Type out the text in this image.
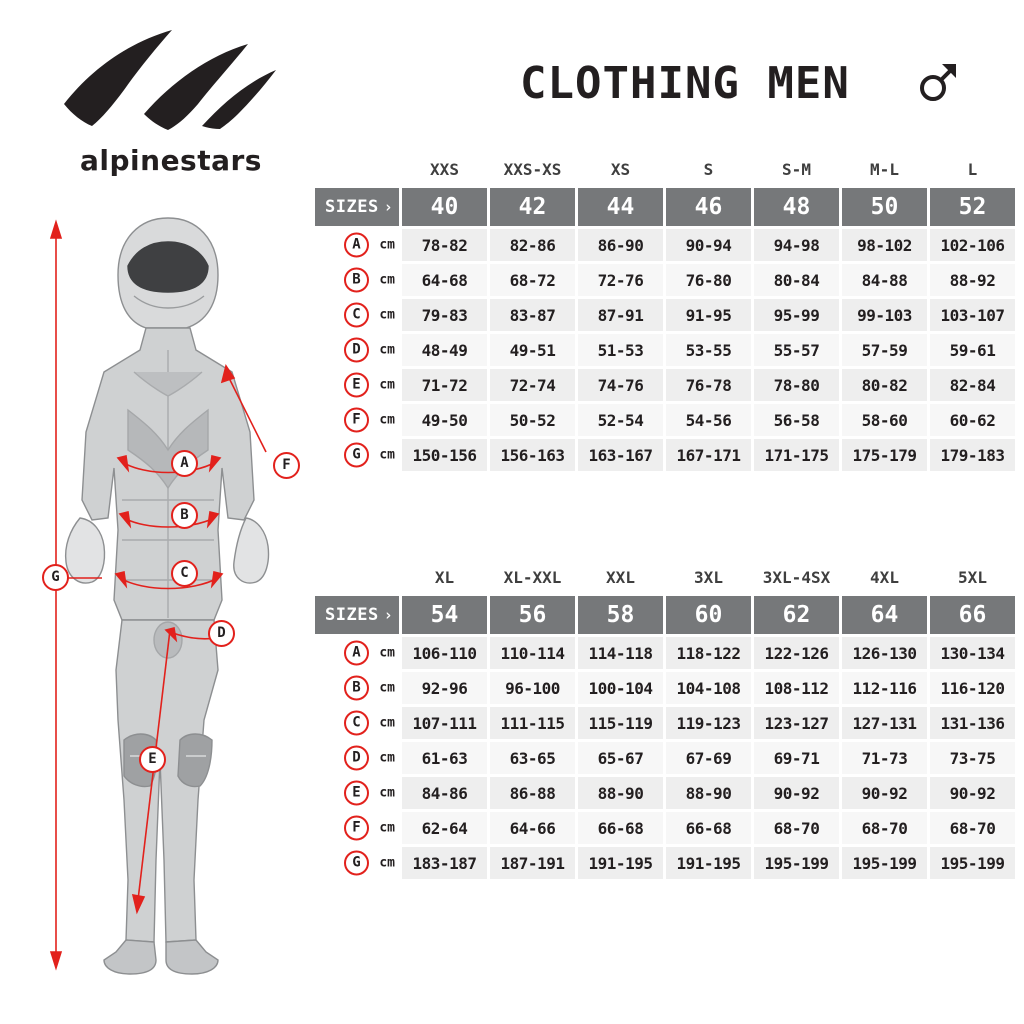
alpinestars
CLOTHING MEN
A
B
C
D
E
F
G
	XXS	XXS-XS	XS	S	S-M	M-L	L
SIZES ›	40	42	44	46	48	50	52

A cm	78-82	82-86	86-90	90-94	94-98	98-102	102-106

B cm	64-68	68-72	72-76	76-80	80-84	84-88	88-92

C cm	79-83	83-87	87-91	91-95	95-99	99-103	103-107

D cm	48-49	49-51	51-53	53-55	55-57	57-59	59-61

E cm	71-72	72-74	74-76	76-78	78-80	80-82	82-84

F cm	49-50	50-52	52-54	54-56	56-58	58-60	60-62

G cm	150-156	156-163	163-167	167-171	171-175	175-179	179-183
	XL	XL-XXL	XXL	3XL	3XL-4SX	4XL	5XL
SIZES ›	54	56	58	60	62	64	66

A cm	106-110	110-114	114-118	118-122	122-126	126-130	130-134

B cm	92-96	96-100	100-104	104-108	108-112	112-116	116-120

C cm	107-111	111-115	115-119	119-123	123-127	127-131	131-136

D cm	61-63	63-65	65-67	67-69	69-71	71-73	73-75

E cm	84-86	86-88	88-90	88-90	90-92	90-92	90-92

F cm	62-64	64-66	66-68	66-68	68-70	68-70	68-70

G cm	183-187	187-191	191-195	191-195	195-199	195-199	195-199
